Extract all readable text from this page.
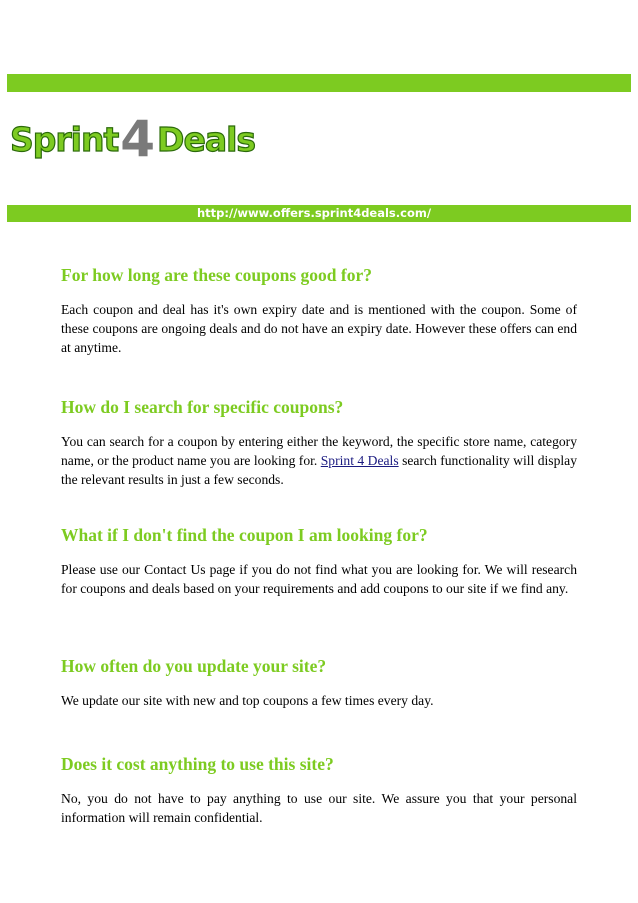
Sprint 4 Deals
http://www.offers.sprint4deals.com/
For how long are these coupons good for?

Each coupon and deal has it's own expiry date and is mentioned with the coupon. Some of these coupons are ongoing deals and do not have an expiry date. However these offers can end at anytime.

How do I search for specific coupons?

You can search for a coupon by entering either the keyword, the specific store name, category name, or the product name you are looking for. Sprint 4 Deals search functionality will display the relevant results in just a few seconds.

What if I don't find the coupon I am looking for?

Please use our Contact Us page if you do not find what you are looking for. We will research for coupons and deals based on your requirements and add coupons to our site if we find any.

How often do you update your site?

We update our site with new and top coupons a few times every day.

Does it cost anything to use this site?

No, you do not have to pay anything to use our site. We assure you that your personal information will remain confidential.
